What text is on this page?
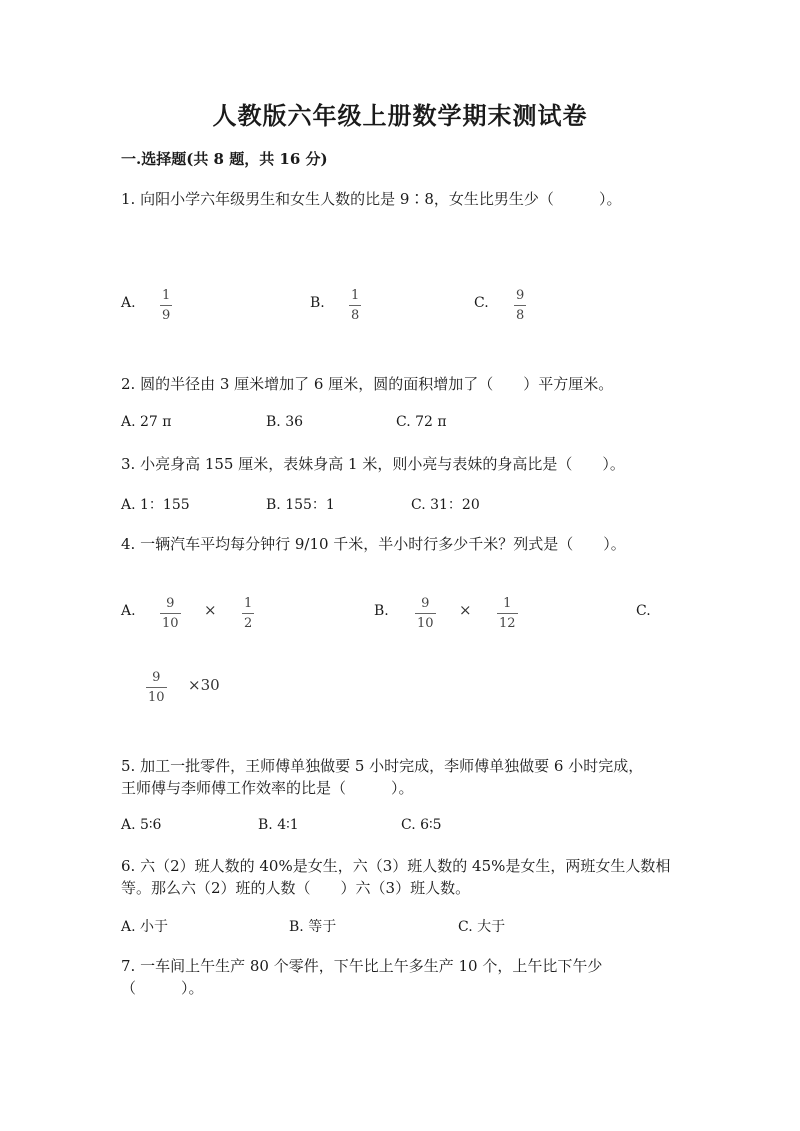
人教版六年级上册数学期末测试卷
一.选择题(共 8 题，共 16 分)
1. 向阳小学六年级男生和女生人数的比是 9∶8，女生比男生少（　　　）。
A. 1
9
B. 1
8
C. 9
8
2. 圆的半径由 3 厘米增加了 6 厘米，圆的面积增加了（　　）平方厘米。
A. 27 π	B. 36	C. 72 π
3. 小亮身高 155 厘米，表妹身高 1 米，则小亮与表妹的身高比是（　　）。
A. 1：155	B. 155：1	C. 31：20
4. 一辆汽车平均每分钟行 9/10 千米，半小时行多少千米？列式是（　　）。
A. 9
10
× 1
2
B. 9
10
× 1
12
C.
9
10
×30
5. 加工一批零件，王师傅单独做要 5 小时完成，李师傅单独做要 6 小时完成，
王师傅与李师傅工作效率的比是（　　　）。
A. 5∶6	B. 4∶1	C. 6∶5
6. 六（2）班人数的 40%是女生，六（3）班人数的 45%是女生，两班女生人数相
等。那么六（2）班的人数（　　）六（3）班人数。
A. 小于	B. 等于	C. 大于
7. 一车间上午生产 80 个零件，下午比上午多生产 10 个，上午比下午少
（　　　）。
